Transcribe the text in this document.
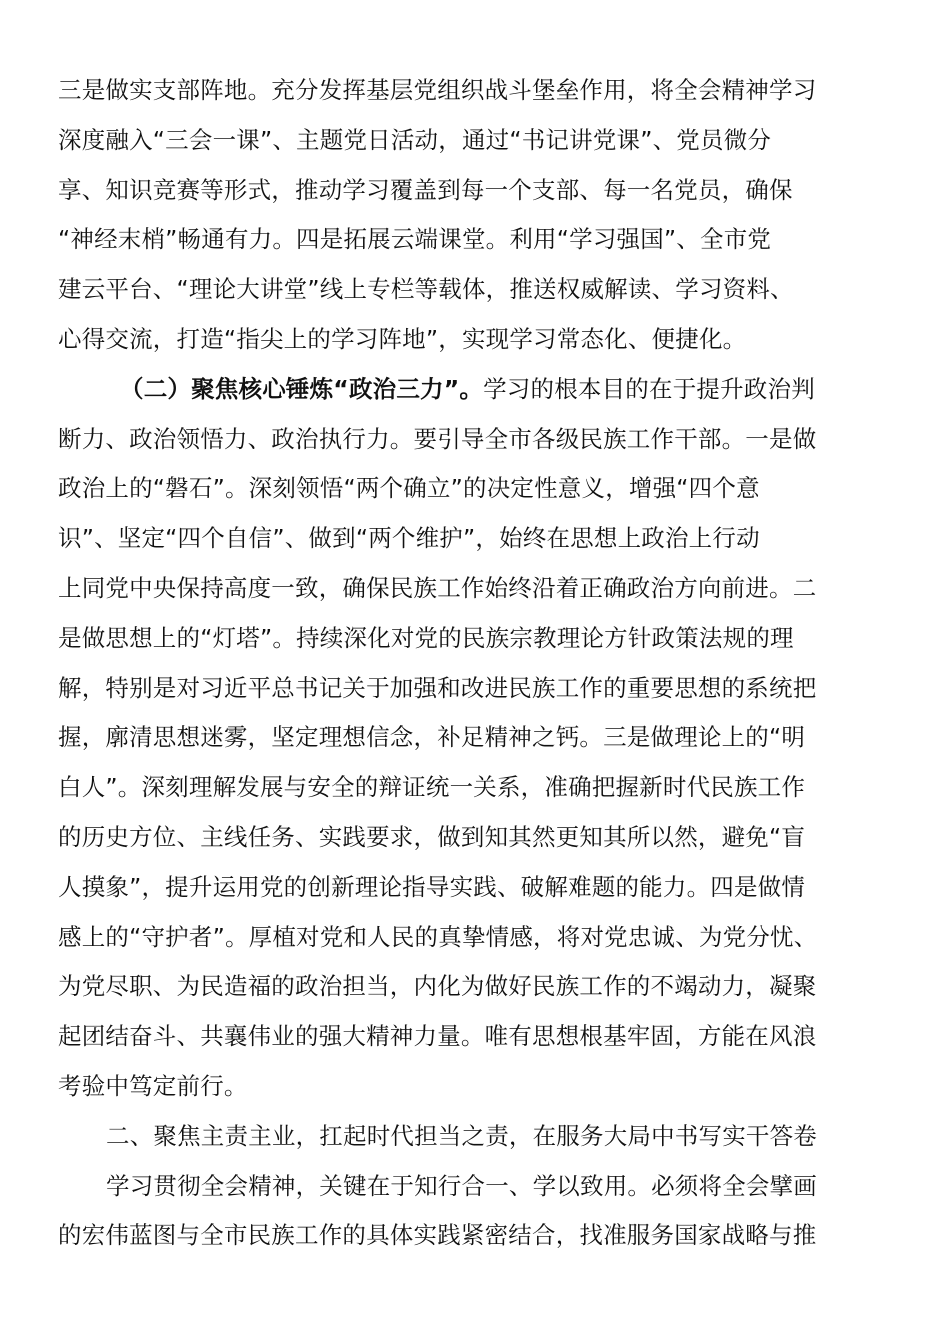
三是做实支部阵地。充分发挥基层党组织战斗堡垒作用，将全会精神学习
深度融入“三会一课”、主题党日活动，通过“书记讲党课”、党员微分
享、知识竞赛等形式，推动学习覆盖到每一个支部、每一名党员，确保
“神经末梢”畅通有力。四是拓展云端课堂。利用“学习强国”、全市党
建云平台、“理论大讲堂”线上专栏等载体，推送权威解读、学习资料、
心得交流，打造“指尖上的学习阵地”，实现学习常态化、便捷化。
（二）聚焦核心锤炼“政治三力”。学习的根本目的在于提升政治判
断力、政治领悟力、政治执行力。要引导全市各级民族工作干部。一是做
政治上的“磐石”。深刻领悟“两个确立”的决定性意义，增强“四个意
识”、坚定“四个自信”、做到“两个维护”，始终在思想上政治上行动
上同党中央保持高度一致，确保民族工作始终沿着正确政治方向前进。二
是做思想上的“灯塔”。持续深化对党的民族宗教理论方针政策法规的理
解，特别是对习近平总书记关于加强和改进民族工作的重要思想的系统把
握，廓清思想迷雾，坚定理想信念，补足精神之钙。三是做理论上的“明
白人”。深刻理解发展与安全的辩证统一关系，准确把握新时代民族工作
的历史方位、主线任务、实践要求，做到知其然更知其所以然，避免“盲
人摸象”，提升运用党的创新理论指导实践、破解难题的能力。四是做情
感上的“守护者”。厚植对党和人民的真挚情感，将对党忠诚、为党分忧、
为党尽职、为民造福的政治担当，内化为做好民族工作的不竭动力，凝聚
起团结奋斗、共襄伟业的强大精神力量。唯有思想根基牢固，方能在风浪
考验中笃定前行。
二、聚焦主责主业，扛起时代担当之责，在服务大局中书写实干答卷
学习贯彻全会精神，关键在于知行合一、学以致用。必须将全会擘画
的宏伟蓝图与全市民族工作的具体实践紧密结合，找准服务国家战略与推
